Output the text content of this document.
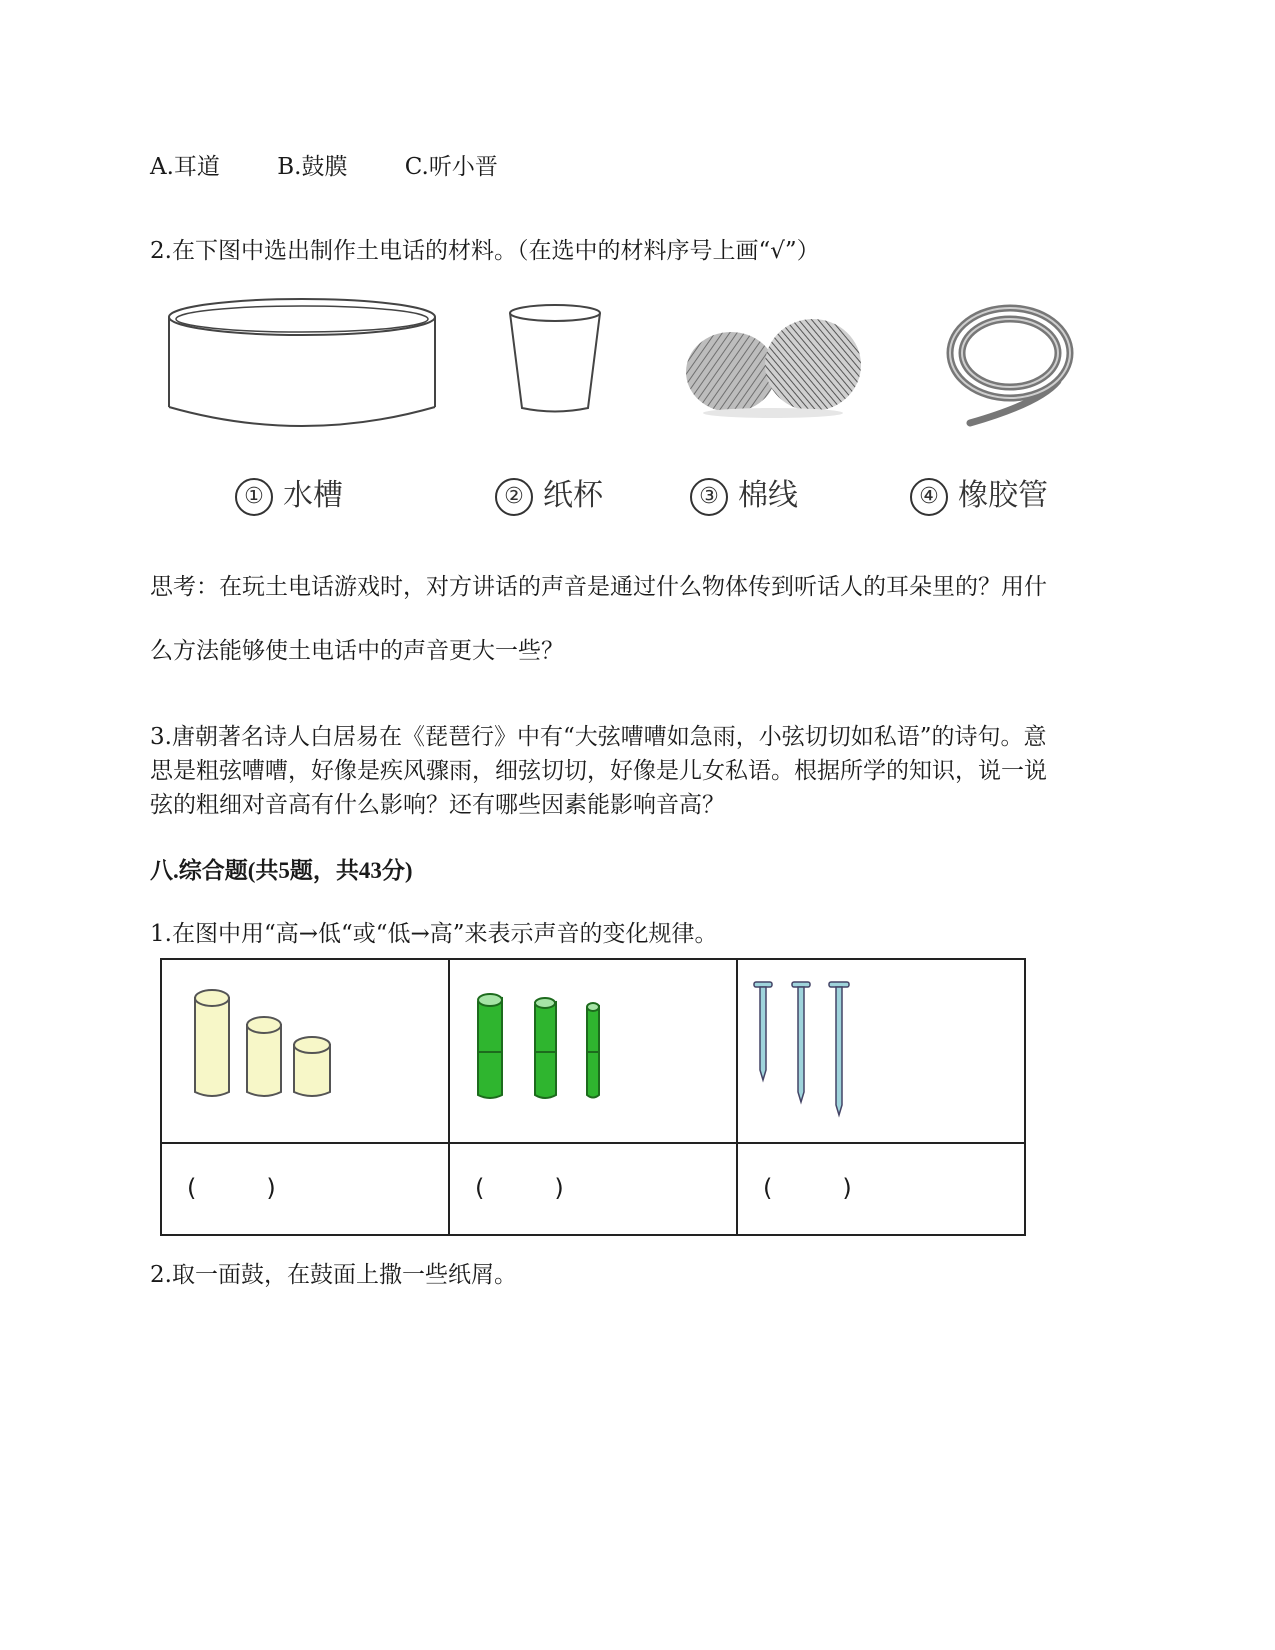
A.耳道 B.鼓膜 C.听小晋
2.在下图中选出制作土电话的材料。（在选中的材料序号上画“√”）
① 水槽	② 纸杯	③ 棉线	④ 橡胶管
思考：在玩土电话游戏时，对方讲话的声音是通过什么物体传到听话人的耳朵里的？用什
么方法能够使土电话中的声音更大一些？
3.唐朝著名诗人白居易在《琵琶行》中有“大弦嘈嘈如急雨，小弦切切如私语”的诗句。意
思是粗弦嘈嘈，好像是疾风骤雨，细弦切切，好像是儿女私语。根据所学的知识，说一说
弦的粗细对音高有什么影响？还有哪些因素能影响音高？
八.综合题(共5题，共43分)
1.在图中用“高→低“或“低→高”来表示声音的变化规律。

( )	( )	( )
2.取一面鼓，在鼓面上撒一些纸屑。
